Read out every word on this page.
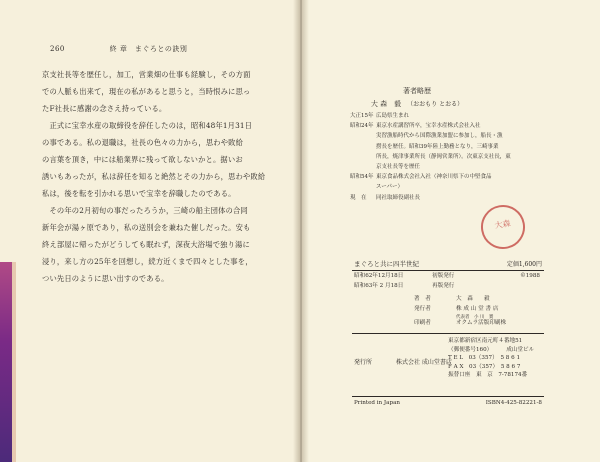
260	終 章　まぐろとの訣別

京支社長等を歴任し，加工，営業畑の仕事も経験し，その方面

での人脈も出来て，現在の私があると思うと，当時恨みに思っ

たF社長に感謝の念さえ持っている。

　正式に宝幸水産の取締役を辞任したのは，昭和48年1月31日

の事である。私の退職は，社長の色々の力から，思わや敗給

の言葉を頂き，中には船業界に残って欲しないかと。据いお

誘いもあったが，私は辞任を知ると絶然とその力から，思わや敗給

私は，後を転を引かれる思いで宝幸を辞職したのである。

　その年の2月初旬の事だったろうか，三崎の船主団体の合同

新年会が湯ヶ原であり，私の送別会を兼ねた催しだった。安も

終え部屋に帰ったがどうしても眠れず，深夜大浴場で独り湯に

浸り，来し方の25年を回想し，続方近くまで四々とした事を，

つい先日のように思い出すのである。

著者略歴
大 森　毅 （おおもり とおる）
大正15年 広島県生まれ
昭和24年 東京水産講習所卒，宝幸水産株式会社入社
実習漁船時代から国際漁業加盟に参加し，船長・漁
撈長を歴任。昭和39年陸上勤務となり，三崎事業
所長，焼津事業所長（静岡営業所）。次東京支社長，東
京支社長等を歴任
昭和54年 東京食品株式会社入社（神奈川県下の中堅食品
スーパー）
現　在	同社取締役副社長
大森
まぐろと共に四半世紀	定価1,600円
昭和62年12月18日	初版発行	©1988
昭和63年 2 月18日	再版発行
著　者	大　森　　毅
発行者	株 成 山 堂 書 店
代表者　小 川　實
印刷者	オクムラ活版印刷株
発行所	株式会社 成山堂書店
東京都新宿区南元町４番地51
（郵便番号160）　　　成山堂ビル
T E L　03（357）　5 8 6 1
F A X　03（357）　5 8 6 7
振替口座　東　京　7-78174番
Printed in Japan	ISBN4-425-82221-8
